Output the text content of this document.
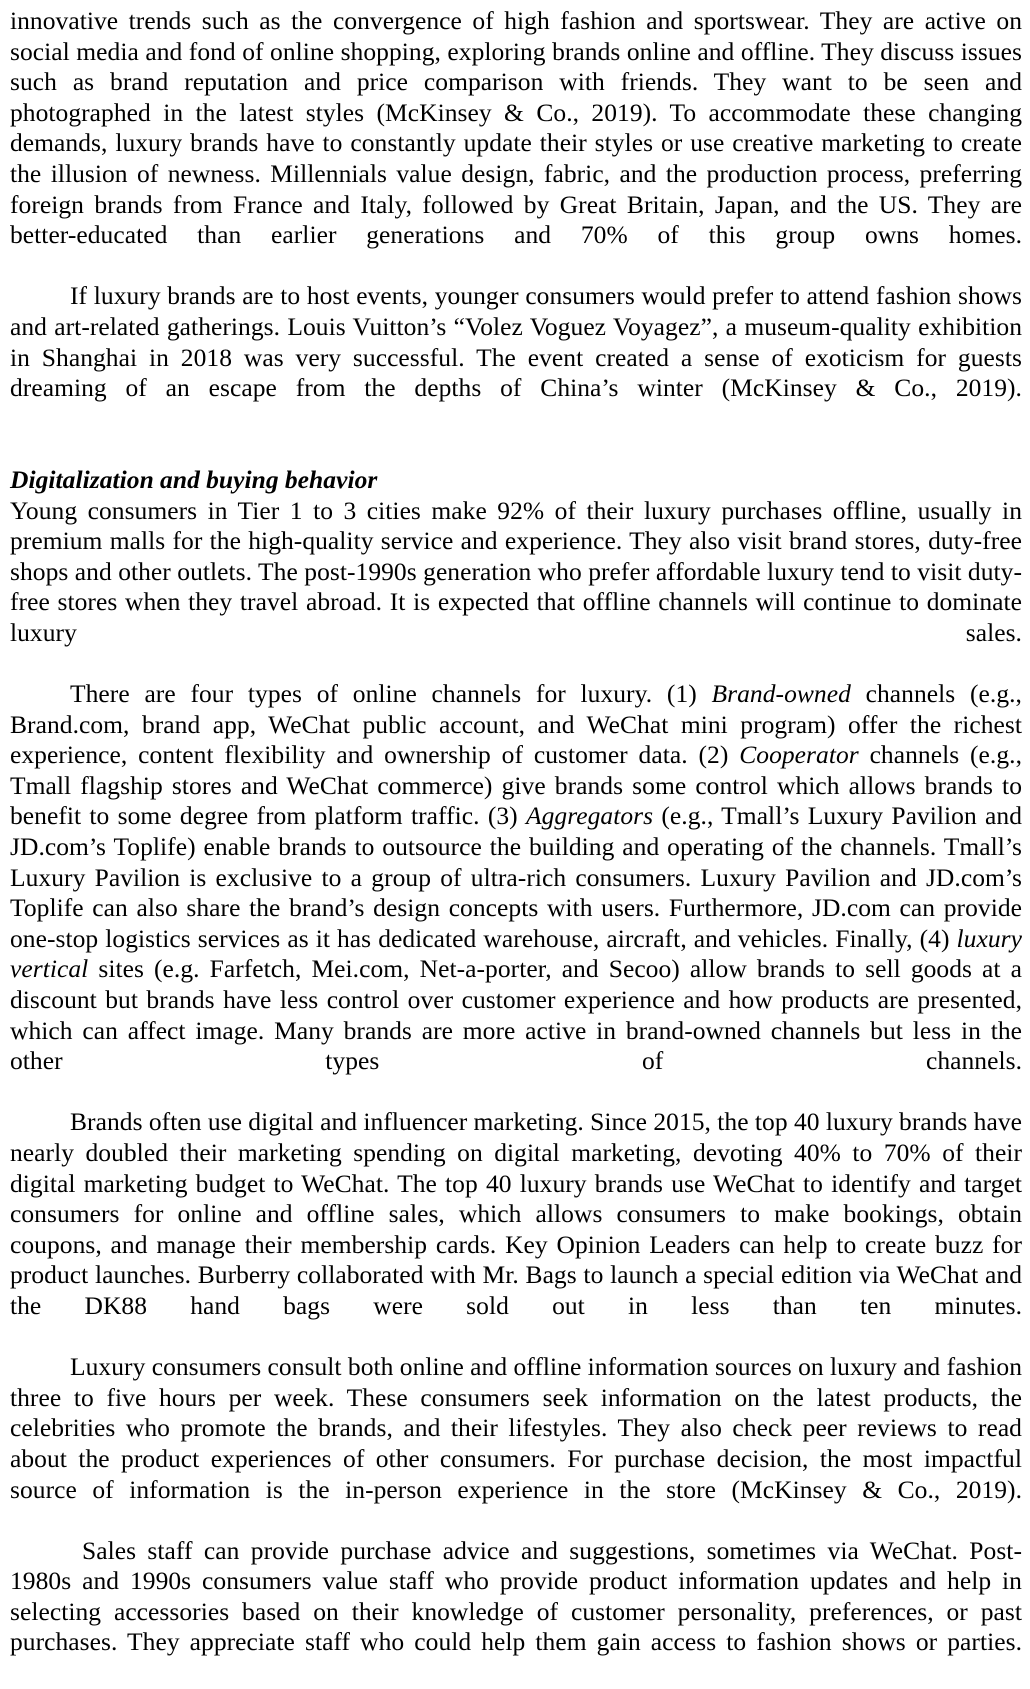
innovative trends such as the convergence of high fashion and sportswear. They are active on social media and fond of online shopping, exploring brands online and offline. They discuss issues such as brand reputation and price comparison with friends. They want to be seen and photographed in the latest styles (McKinsey & Co., 2019). To accommodate these changing demands, luxury brands have to constantly update their styles or use creative marketing to create the illusion of newness. Millennials value design, fabric, and the production process, preferring foreign brands from France and Italy, followed by Great Britain, Japan, and the US. They are better-educated than earlier generations and 70% of this group owns homes.

If luxury brands are to host events, younger consumers would prefer to attend fashion shows and art-related gatherings. Louis Vuitton’s “Volez Voguez Voyagez”, a museum-quality exhibition in Shanghai in 2018 was very successful. The event created a sense of exoticism for guests dreaming of an escape from the depths of China’s winter (McKinsey & Co., 2019).

Digitalization and buying behavior

Young consumers in Tier 1 to 3 cities make 92% of their luxury purchases offline, usually in premium malls for the high-quality service and experience. They also visit brand stores, duty-free shops and other outlets. The post-1990s generation who prefer affordable luxury tend to visit duty-free stores when they travel abroad. It is expected that offline channels will continue to dominate luxury sales.

There are four types of online channels for luxury. (1) Brand-owned channels (e.g., Brand.com, brand app, WeChat public account, and WeChat mini program) offer the richest experience, content flexibility and ownership of customer data. (2) Cooperator channels (e.g., Tmall flagship stores and WeChat commerce) give brands some control which allows brands to benefit to some degree from platform traffic. (3) Aggregators (e.g., Tmall’s Luxury Pavilion and JD.com’s Toplife) enable brands to outsource the building and operating of the channels. Tmall’s Luxury Pavilion is exclusive to a group of ultra-rich consumers. Luxury Pavilion and JD.com’s Toplife can also share the brand’s design concepts with users. Furthermore, JD.com can provide one-stop logistics services as it has dedicated warehouse, aircraft, and vehicles. Finally, (4) luxury vertical sites (e.g. Farfetch, Mei.com, Net-a-porter, and Secoo) allow brands to sell goods at a discount but brands have less control over customer experience and how products are presented, which can affect image. Many brands are more active in brand-owned channels but less in the other types of channels.

Brands often use digital and influencer marketing. Since 2015, the top 40 luxury brands have nearly doubled their marketing spending on digital marketing, devoting 40% to 70% of their digital marketing budget to WeChat. The top 40 luxury brands use WeChat to identify and target consumers for online and offline sales, which allows consumers to make bookings, obtain coupons, and manage their membership cards. Key Opinion Leaders can help to create buzz for product launches. Burberry collaborated with Mr. Bags to launch a special edition via WeChat and the DK88 hand bags were sold out in less than ten minutes.

Luxury consumers consult both online and offline information sources on luxury and fashion three to five hours per week. These consumers seek information on the latest products, the celebrities who promote the brands, and their lifestyles. They also check peer reviews to read about the product experiences of other consumers. For purchase decision, the most impactful source of information is the in-person experience in the store (McKinsey & Co., 2019).

Sales staff can provide purchase advice and suggestions, sometimes via WeChat. Post-1980s and 1990s consumers value staff who provide product information updates and help in selecting accessories based on their knowledge of customer personality, preferences, or past purchases. They appreciate staff who could help them gain access to fashion shows or parties.
